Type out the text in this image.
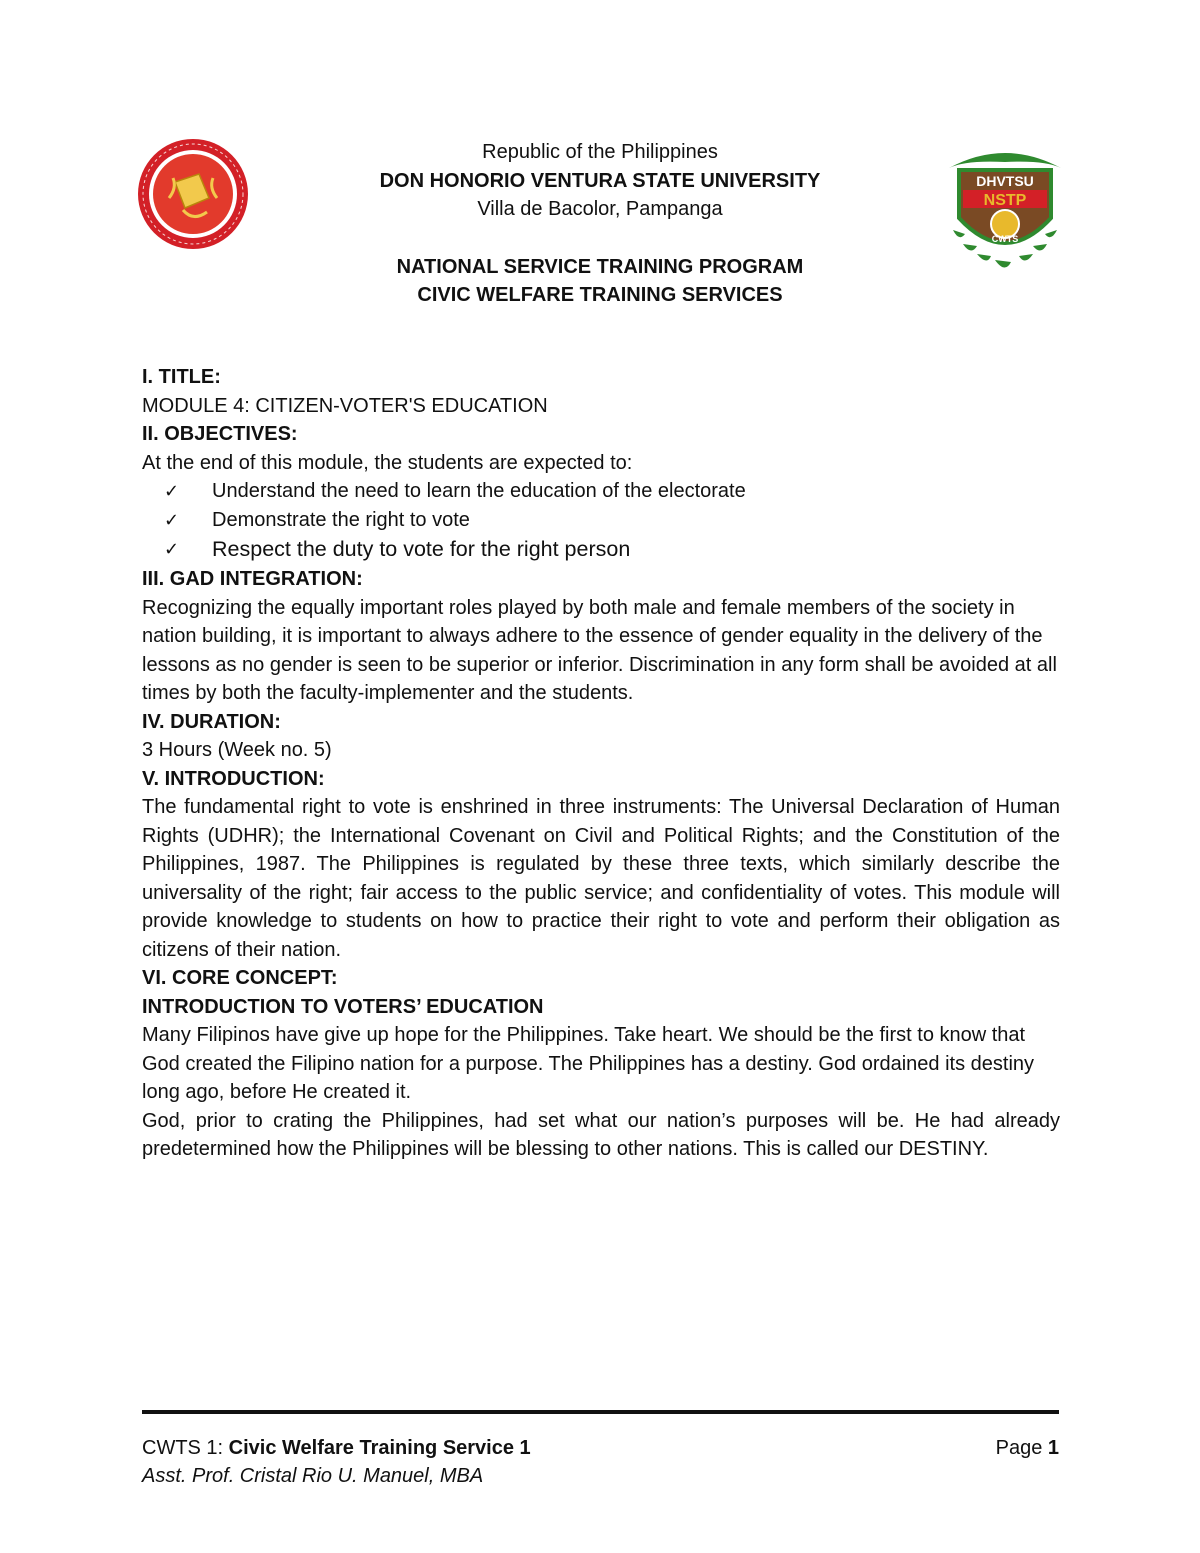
DHVTSU
NSTP
CWTS
Republic of the Philippines
DON HONORIO VENTURA STATE UNIVERSITY
Villa de Bacolor, Pampanga
NATIONAL SERVICE TRAINING PROGRAM
CIVIC WELFARE TRAINING SERVICES

I. TITLE:

MODULE 4: CITIZEN-VOTER'S EDUCATION

II. OBJECTIVES:

At the end of this module, the students are expected to:

✓ Understand the need to learn the education of the electorate
✓ Demonstrate the right to vote
✓ Respect the duty to vote for the right person

III. GAD INTEGRATION:

Recognizing the equally important roles played by both male and female members of the society in nation building, it is important to always adhere to the essence of gender equality in the delivery of the lessons as no gender is seen to be superior or inferior. Discrimination in any form shall be avoided at all times by both the faculty-implementer and the students.

IV. DURATION:

3 Hours (Week no. 5)

V. INTRODUCTION:

The fundamental right to vote is enshrined in three instruments: The Universal Declaration of Human Rights (UDHR); the International Covenant on Civil and Political Rights; and the Constitution of the Philippines, 1987. The Philippines is regulated by these three texts, which similarly describe the universality of the right; fair access to the public service; and confidentiality of votes. This module will provide knowledge to students on how to practice their right to vote and perform their obligation as citizens of their nation.

VI. CORE CONCEPT:

INTRODUCTION TO VOTERS’ EDUCATION

Many Filipinos have give up hope for the Philippines. Take heart. We should be the first to know that God created the Filipino nation for a purpose. The Philippines has a destiny. God ordained its destiny long ago, before He created it.

God, prior to crating the Philippines, had set what our nation’s purposes will be. He had already predetermined how the Philippines will be blessing to other nations. This is called our DESTINY.

CWTS 1: Civic Welfare Training Service 1
Asst. Prof. Cristal Rio U. Manuel, MBA
Page 1
